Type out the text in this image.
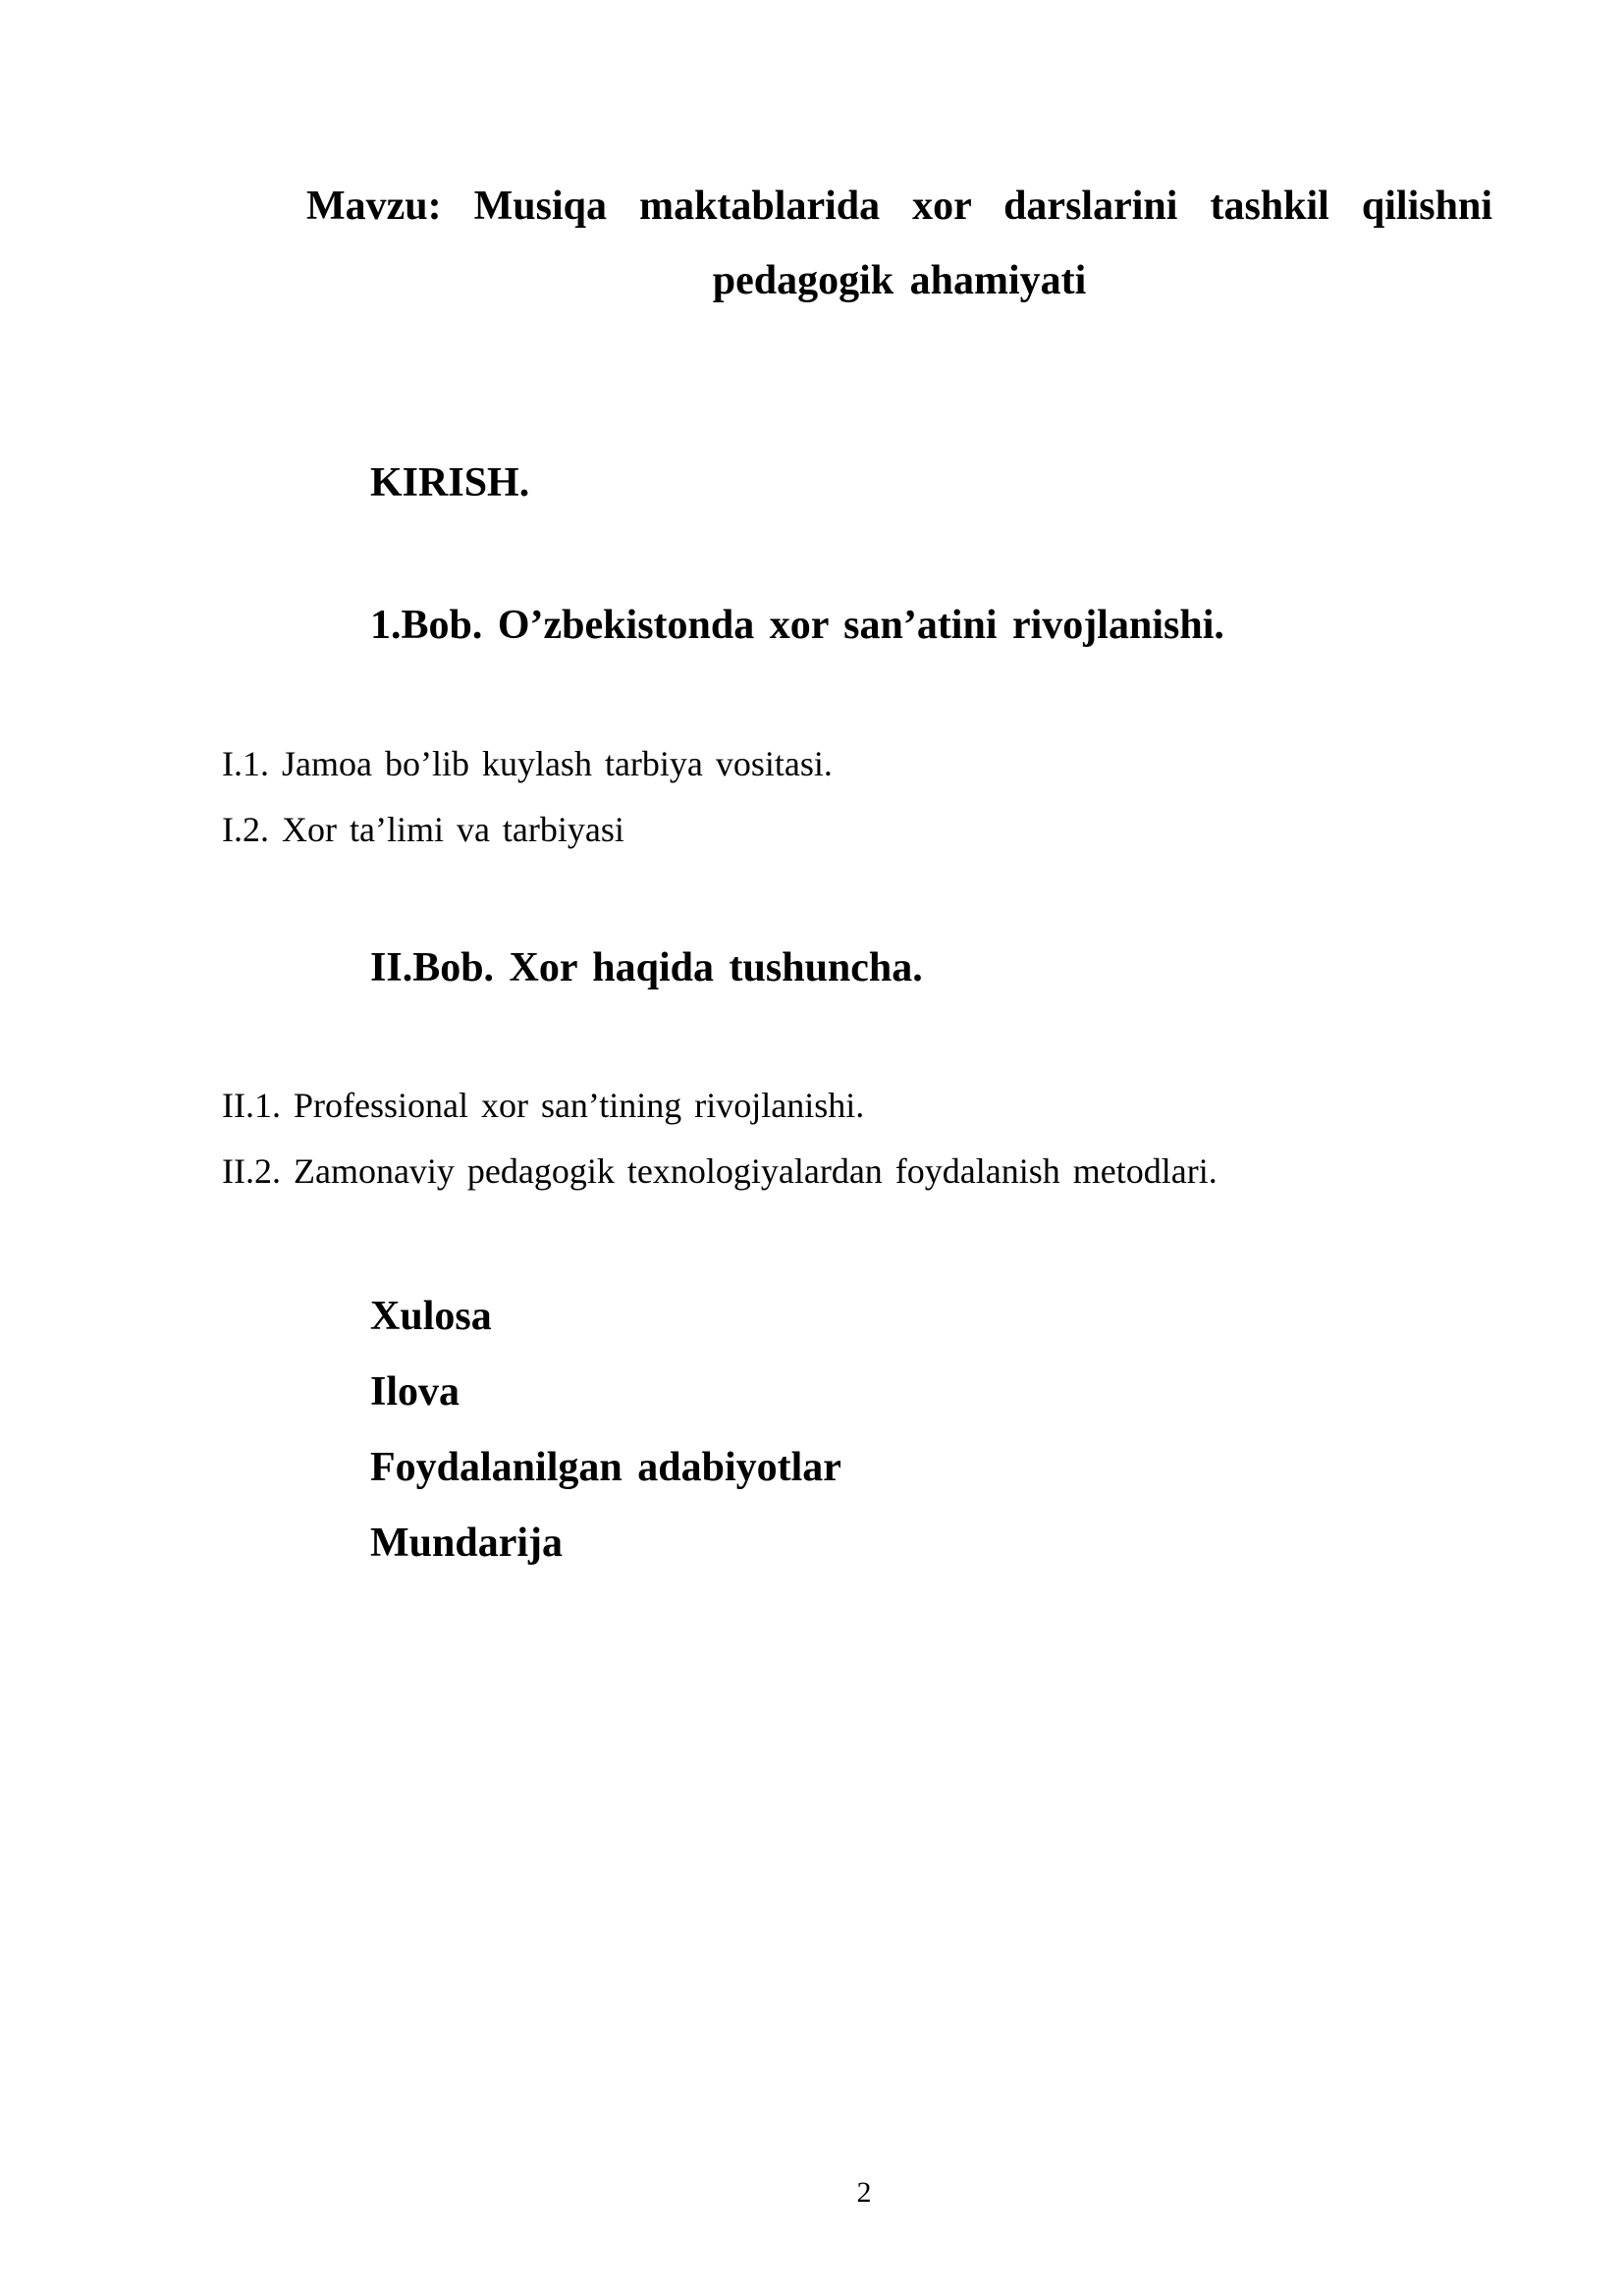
Mavzu: Musiqa maktablarida xor darslarini tashkil qilishni pedagogik ahamiyati
KIRISH.
1.Bob. O’zbekistonda xor san’atini rivojlanishi.
I.1. Jamoa bo’lib kuylash tarbiya vositasi.
I.2. Xor ta’limi va tarbiyasi
II.Bob. Xor haqida tushuncha.
II.1. Professional xor san’tining rivojlanishi.
II.2. Zamonaviy pedagogik texnologiyalardan foydalanish metodlari.
Xulosa
Ilova
Foydalanilgan adabiyotlar
Mundarija
2
